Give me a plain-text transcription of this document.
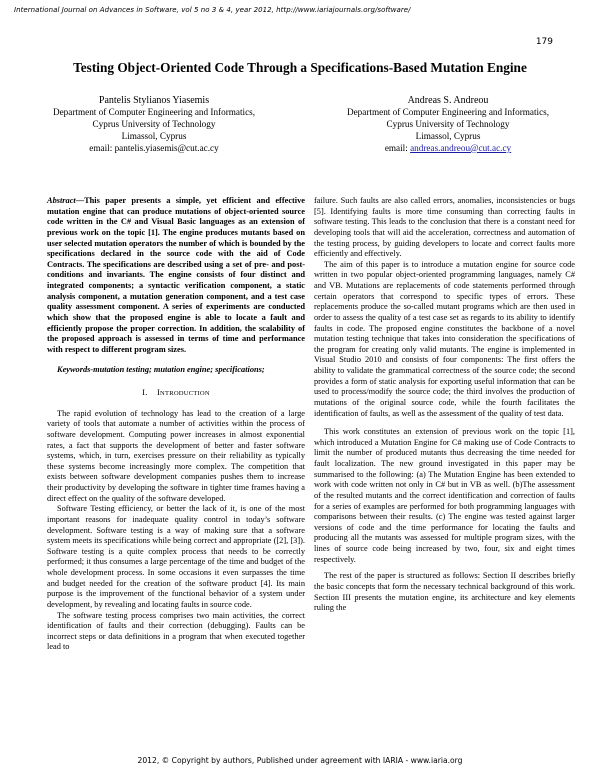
International Journal on Advances in Software, vol 5 no 3 & 4, year 2012, http://www.iariajournals.org/software/
179
Testing Object-Oriented Code Through a Specifications-Based Mutation Engine
Pantelis Stylianos Yiasemis
Department of Computer Engineering and Informatics,
Cyprus University of Technology
Limassol, Cyprus
email: pantelis.yiasemis@cut.ac.cy
Andreas S. Andreou
Department of Computer Engineering and Informatics,
Cyprus University of Technology
Limassol, Cyprus
email: andreas.andreou@cut.ac.cy

Abstract—This paper presents a simple, yet efficient and effective mutation engine that can produce mutations of object-oriented source code written in the C# and Visual Basic languages as an extension of previous work on the topic [1]. The engine produces mutants based on user selected mutation operators the number of which is bounded by the specifications declared in the source code with the aid of Code Contracts. The specifications are described using a set of pre- and post-conditions and invariants. The engine consists of four distinct and integrated components; a syntactic verification component, a static analysis component, a mutation generation component, and a test case quality assessment component. A series of experiments are conducted which show that the proposed engine is able to locate a fault and efficiently propose the proper correction. In addition, the scalability of the proposed approach is assessed in terms of time and performance with respect to different program sizes.

Keywords-mutation testing; mutation engine; specifications;

I. INTRODUCTION

The rapid evolution of technology has lead to the creation of a large variety of tools that automate a number of activities within the process of software development. Computing power increases in almost exponential rates, a fact that supports the development of better and faster software systems, which, in turn, exercises pressure on their reliability as typically these systems become increasingly more complex. The competition that exists between software development companies pushes them to increase their productivity by developing the software in tighter time frames having a direct effect on the quality of the software developed.

Software Testing efficiency, or better the lack of it, is one of the most important reasons for inadequate quality control in today’s software development. Software testing is a way of making sure that a software system meets its specifications while being correct and appropriate ([2], [3]). Software testing is a quite complex process that needs to be correctly performed; it thus consumes a large percentage of the time and budget of the whole development process. In some occasions it even surpasses the time and budget needed for the creation of the software product [4]. Its main purpose is the improvement of the functional behavior of a system under development, by revealing and locating faults in source code.

The software testing process comprises two main activities, the correct identification of faults and their correction (debugging). Faults can be incorrect steps or data definitions in a program that when executed together lead to

failure. Such faults are also called errors, anomalies, inconsistencies or bugs [5]. Identifying faults is more time consuming than correcting faults in software testing. This leads to the conclusion that there is a constant need for developing tools that will aid the acceleration, correctness and automation of the testing process, by guiding developers to locate and correct faults more efficiently and effectively.

The aim of this paper is to introduce a mutation engine for source code written in two popular object-oriented programming languages, namely C# and VB. Mutations are replacements of code statements performed through certain operators that correspond to specific types of errors. These replacements produce the so-called mutant programs which are then used in order to assess the quality of a test case set as regards to its ability to identify faults in code. The proposed engine constitutes the backbone of a novel mutation testing technique that takes into consideration the specifications of the program for creating only valid mutants. The engine is implemented in Visual Studio 2010 and consists of four components: The first offers the ability to validate the grammatical correctness of the source code; the second provides a form of static analysis for exporting useful information that can be used to process/modify the source code; the third involves the production of mutations of the original source code, while the fourth facilitates the identification of faults, as well as the assessment of the quality of test data.

This work constitutes an extension of previous work on the topic [1], which introduced a Mutation Engine for C# making use of Code Contracts to limit the number of produced mutants thus decreasing the time needed for fault localization. The new ground investigated in this paper may be summarised to the following: (a) The Mutation Engine has been extended to work with code written not only in C# but in VB as well. (b)The assessment of the resulted mutants and the correct identification and correction of faults for a series of examples are performed for both programming languages with comparisons between their results. (c) The engine was tested against larger versions of code and the time performance for locating the faults and producing all the mutants was assessed for multiple program sizes, with the lines of source code being increased by two, four, six and eight times respectively.

The rest of the paper is structured as follows: Section II describes briefly the basic concepts that form the necessary technical background of this work. Section III presents the mutation engine, its architecture and key elements ruling the

2012, © Copyright by authors, Published under agreement with IARIA - www.iaria.org
